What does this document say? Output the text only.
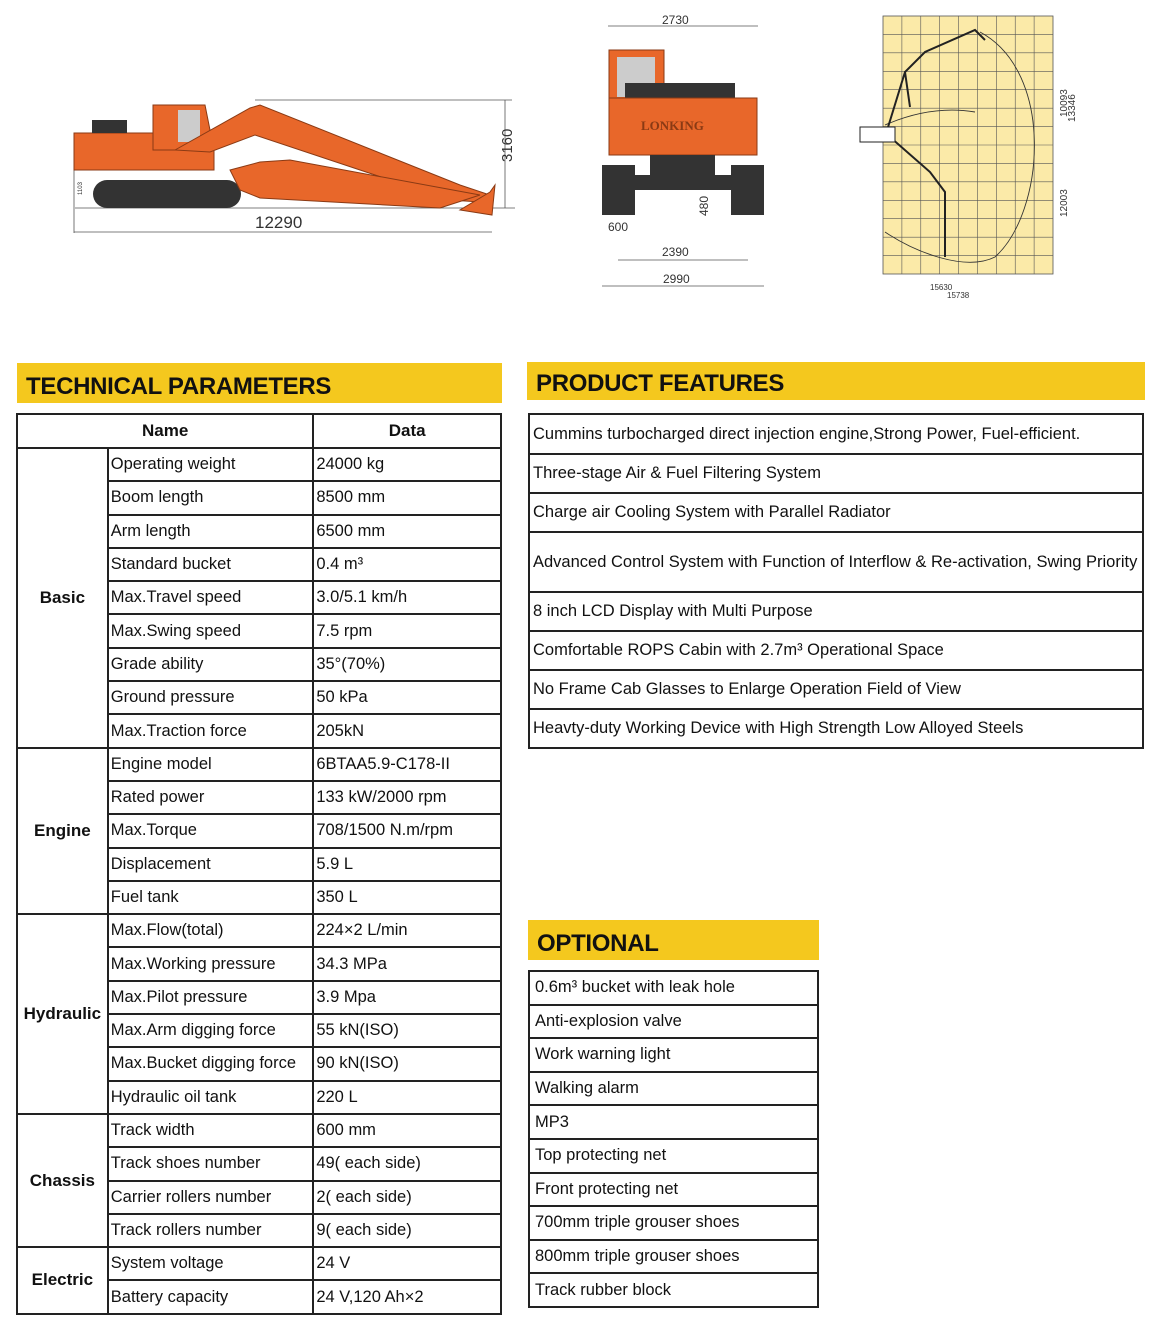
12290
3160
1103
2730
LONKING
600
480
2390
2990
10093
13346
12003
15630
15738
TECHNICAL PARAMETERS
Name		Data
Basic	Operating weight	24000 kg
	Boom length	8500 mm
	Arm length	6500 mm
	Standard bucket	0.4 m³
	Max.Travel speed	3.0/5.1 km/h
	Max.Swing speed	7.5 rpm
	Grade ability	35°(70%)
	Ground pressure	50 kPa
	Max.Traction force	205kN
Engine	Engine model	6BTAA5.9-C178-II
	Rated power	133 kW/2000 rpm
	Max.Torque	708/1500 N.m/rpm
	Displacement	5.9 L
	Fuel tank	350 L
Hydraulic	Max.Flow(total)	224×2 L/min
	Max.Working pressure	34.3 MPa
	Max.Pilot pressure	3.9 Mpa
	Max.Arm digging force	55 kN(ISO)
	Max.Bucket digging force	90 kN(ISO)
	Hydraulic oil tank	220 L
Chassis	Track width	600 mm
	Track shoes number	49( each side)
	Carrier rollers number	2( each side)
	Track rollers number	9( each side)
Electric	System voltage	24 V
	Battery capacity	24 V,120 Ah×2
PRODUCT FEATURES
Cummins turbocharged direct injection engine,Strong Power, Fuel-efficient.
Three-stage Air & Fuel Filtering System
Charge air Cooling System with Parallel Radiator
Advanced Control System with Function of Interflow & Re-activation, Swing Priority
8 inch LCD Display with Multi Purpose
Comfortable ROPS Cabin with 2.7m³ Operational Space
No Frame Cab Glasses to Enlarge Operation Field of View
Heavty-duty Working Device with High Strength Low Alloyed Steels
OPTIONAL
0.6m³ bucket with leak hole
Anti-explosion valve
Work warning light
Walking alarm
MP3
Top protecting net
Front protecting net
700mm triple grouser shoes
800mm triple grouser shoes
Track rubber block
